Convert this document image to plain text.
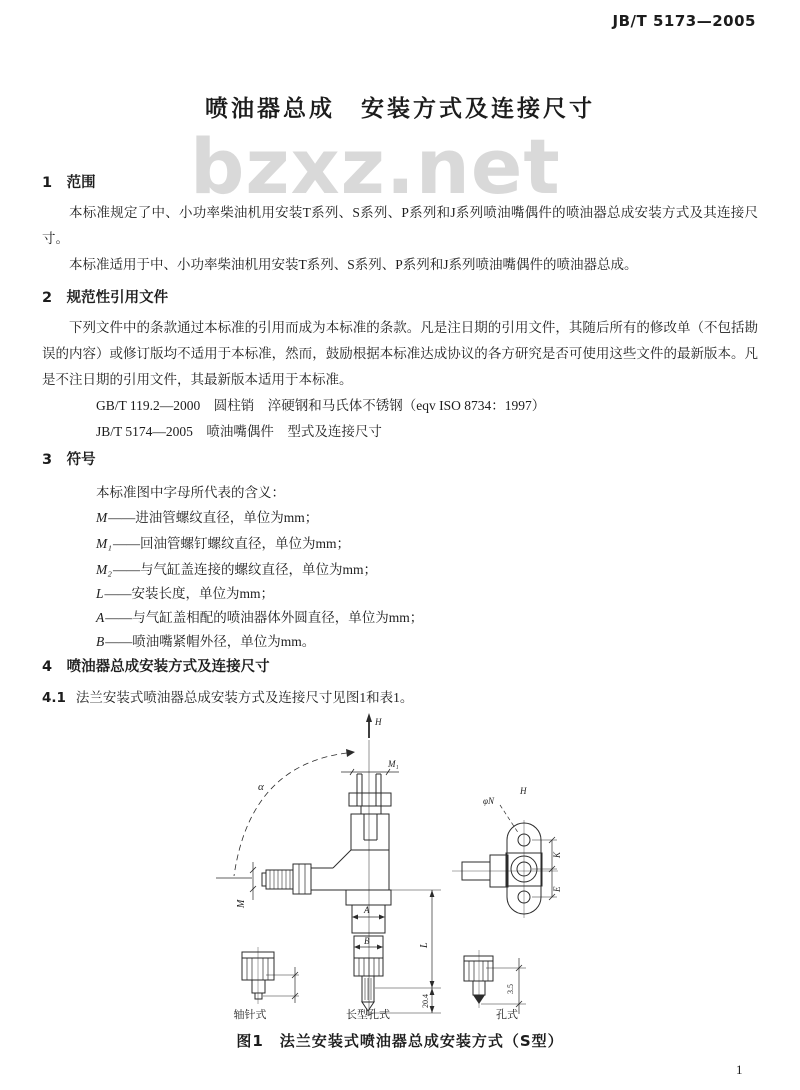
bzxz.net
JB/T 5173—2005
喷油器总成　安装方式及连接尺寸
1　范围
本标准规定了中、小功率柴油机用安装T系列、S系列、P系列和J系列喷油嘴偶件的喷油器总成安装方式及其连接尺寸。
本标准适用于中、小功率柴油机用安装T系列、S系列、P系列和J系列喷油嘴偶件的喷油器总成。
2　规范性引用文件
下列文件中的条款通过本标准的引用而成为本标准的条款。凡是注日期的引用文件，其随后所有的修改单（不包括勘误的内容）或修订版均不适用于本标准，然而，鼓励根据本标准达成协议的各方研究是否可使用这些文件的最新版本。凡是不注日期的引用文件，其最新版本适用于本标准。
GB/T 119.2—2000　圆柱销　淬硬钢和马氏体不锈钢（eqv ISO 8734：1997）
JB/T 5174—2005　喷油嘴偶件　型式及连接尺寸
3　符号
本标准图中字母所代表的含义：
M——进油管螺纹直径，单位为mm；
M₁——回油管螺钉螺纹直径，单位为mm；
M₂——与气缸盖连接的螺纹直径，单位为mm；
L——安装长度，单位为mm；
A——与气缸盖相配的喷油器体外圆直径，单位为mm；
B——喷油嘴紧帽外径，单位为mm。
4　喷油器总成安装方式及连接尺寸
4.1 法兰安装式喷油器总成安装方式及连接尺寸见图1和表1。
H
M₁
α
M
A
B	L
20.4
φN
H
K
E
3.5
轴针式	长型孔式	孔式
图1　法兰安装式喷油器总成安装方式（S型）
1
